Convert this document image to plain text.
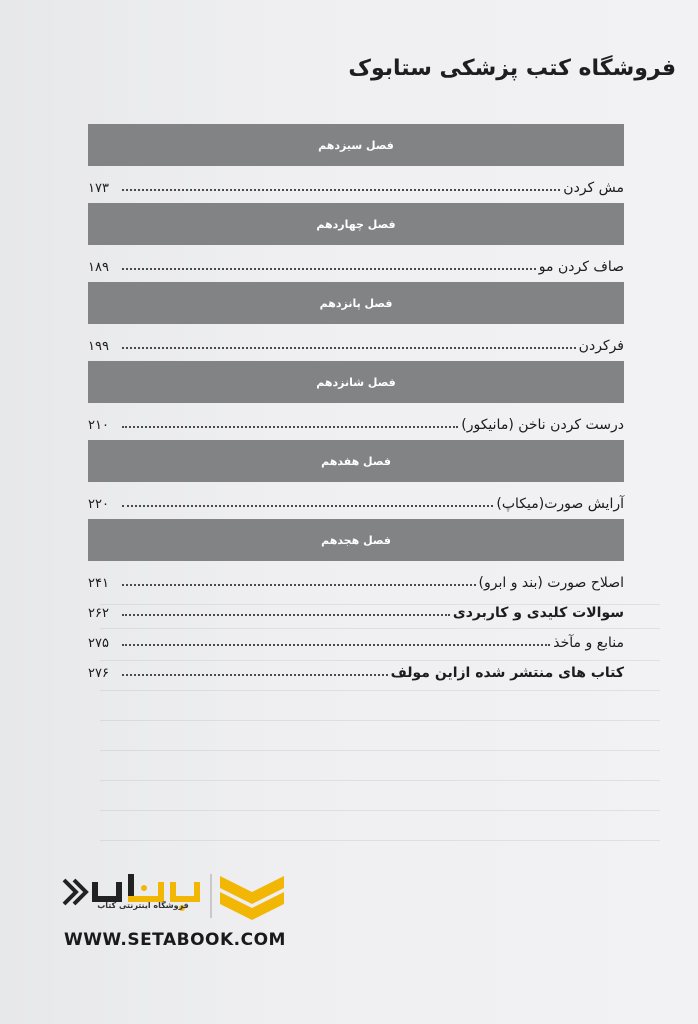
فروشگاه کتب پزشکی ستابوک
فصل سیزدهم
مش کردن
۱۷۳
فصل چهاردهم
صاف کردن مو
۱۸۹
فصل پانزدهم
فرکردن
۱۹۹
فصل شانزدهم
درست کردن ناخن (مانیکور)
۲۱۰
فصل هفدهم
آرایش صورت(میکاپ)
۲۲۰
فصل هجدهم
اصلاح صورت (بند و ابرو)
۲۴۱
سوالات کلیدی و کاربردی
۲۶۲
منابع و مآخذ
۲۷۵
کتاب های منتشر شده ازاین مولف
۲۷۶
فروشگاه اینترنتی کتاب
WWW.SETABOOK.COM
